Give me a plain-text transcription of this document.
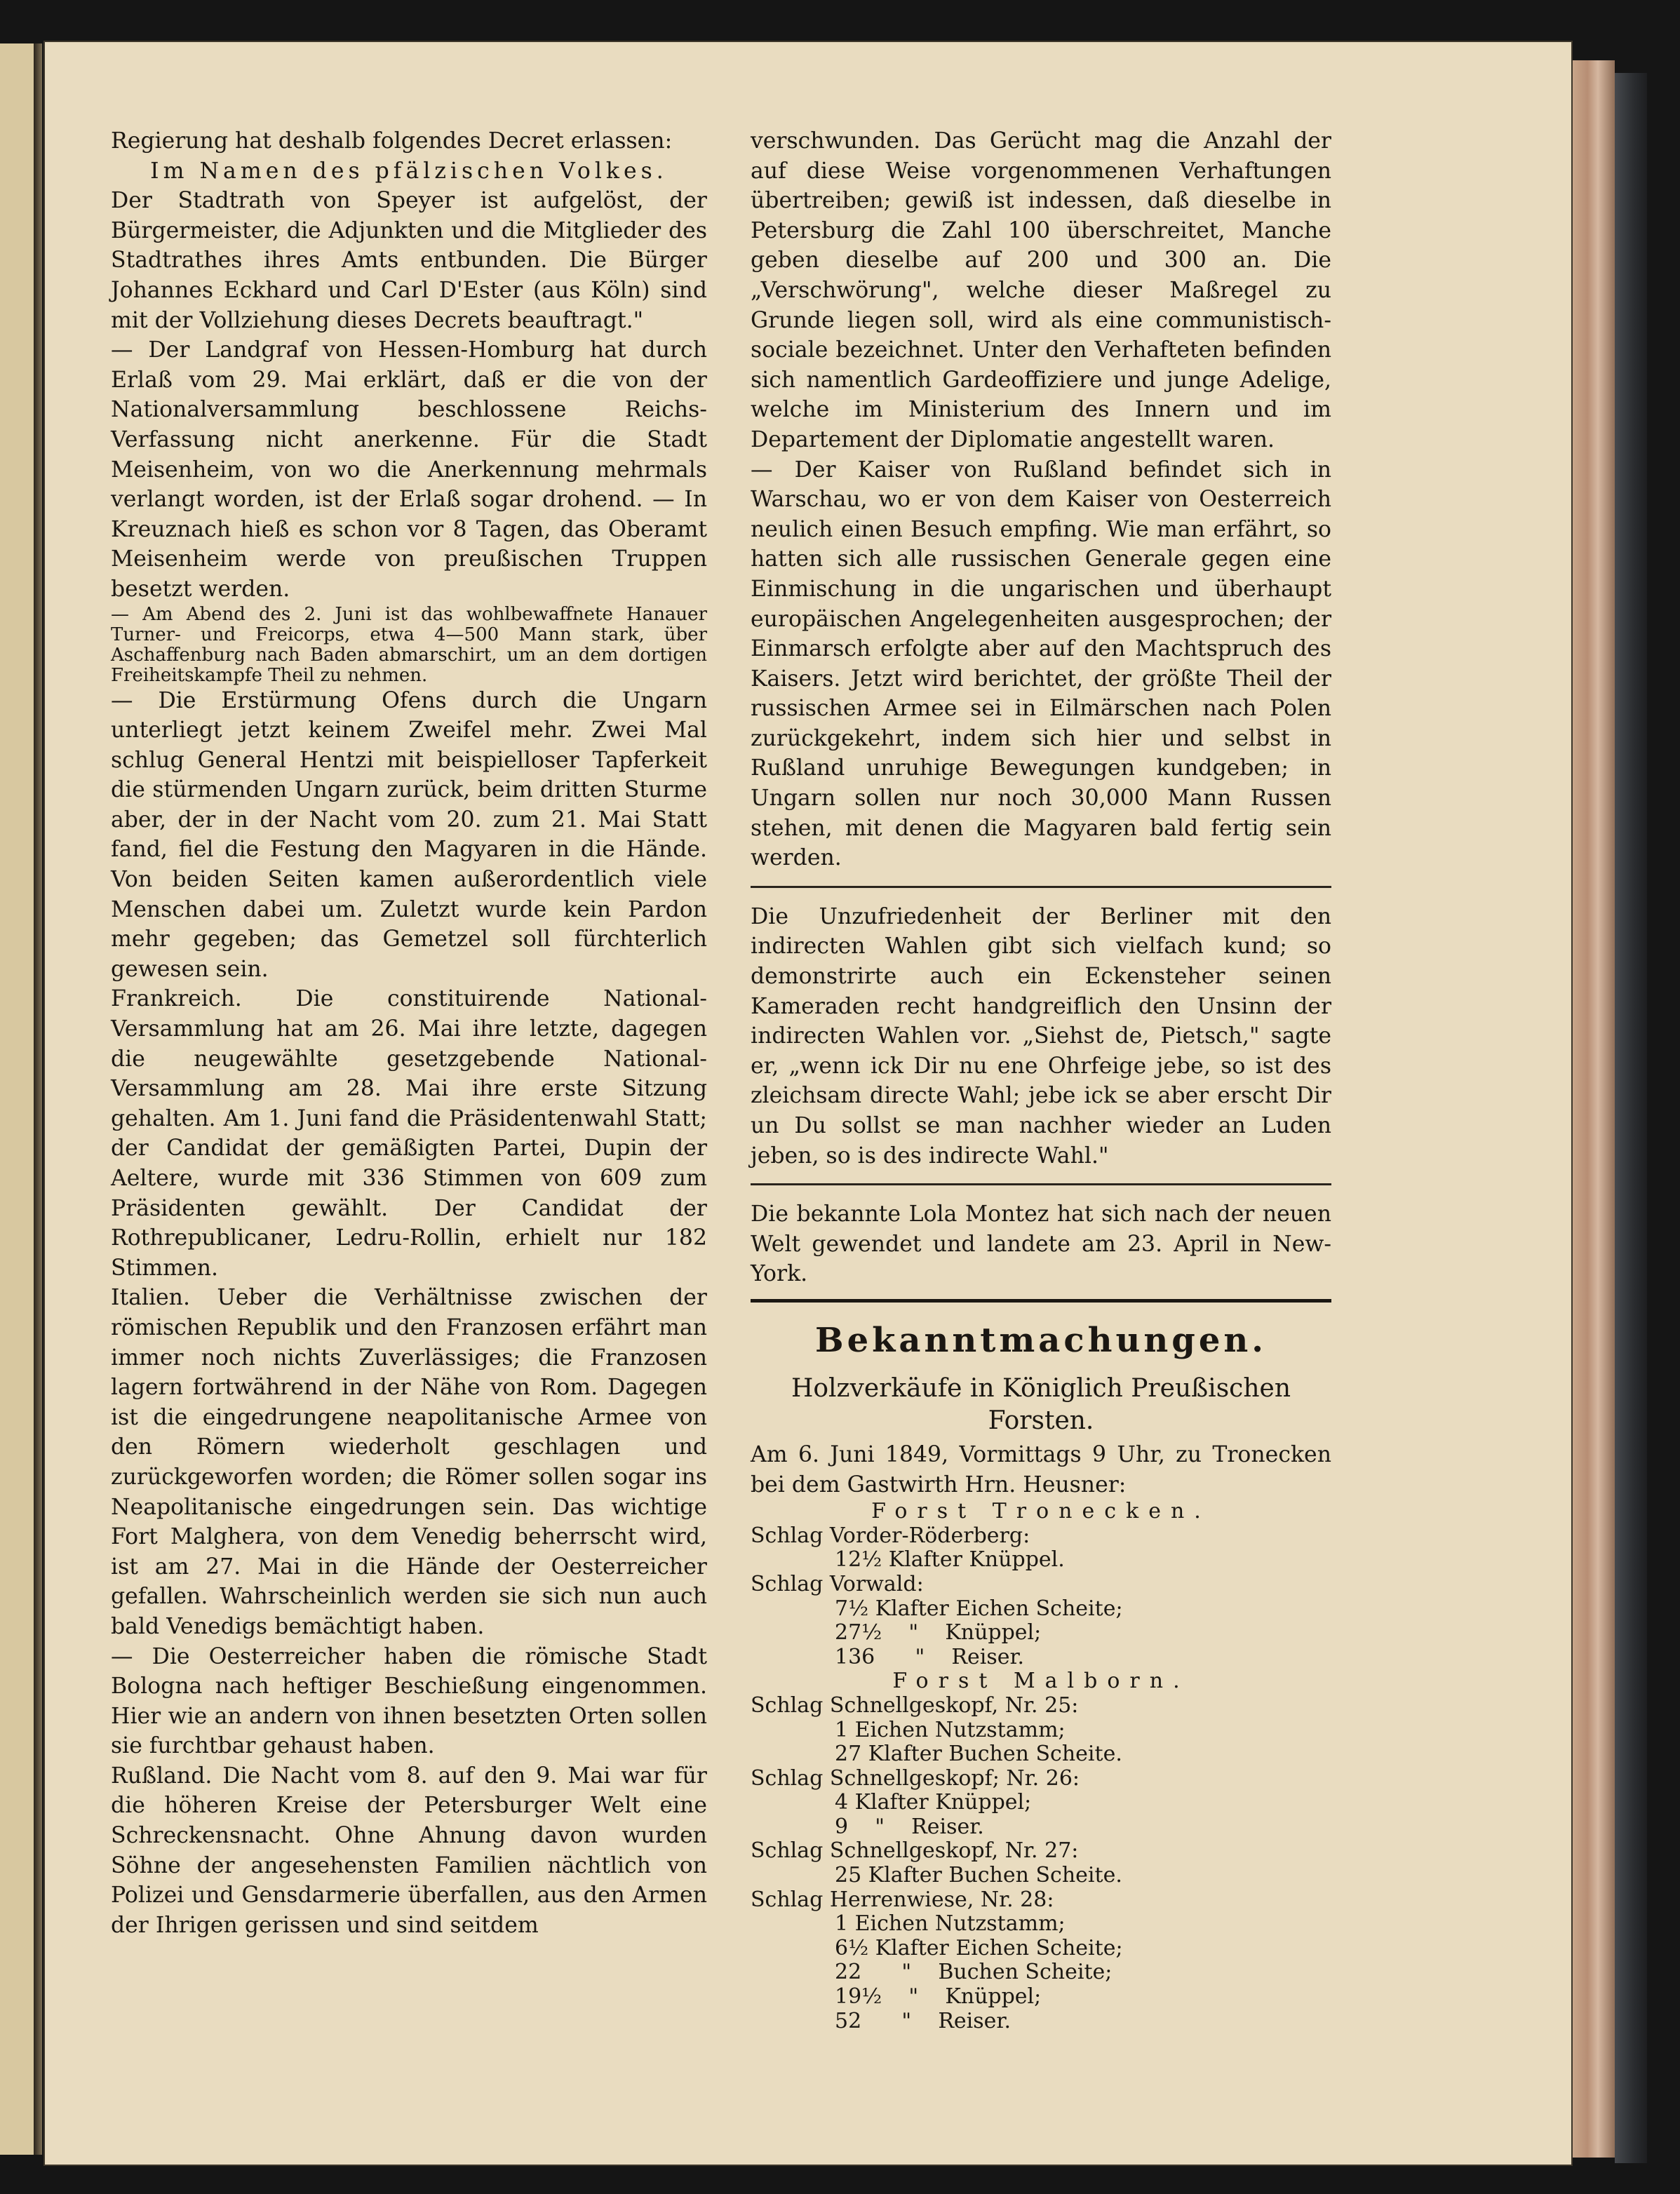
Regierung hat deshalb folgendes Decret erlassen:

Im Namen des pfälzischen Volkes.

Der Stadtrath von Speyer ist aufgelöst, der Bürgermeister, die Adjunkten und die Mitglieder des Stadtrathes ihres Amts entbunden. Die Bürger Johannes Eckhard und Carl D'Ester (aus Köln) sind mit der Vollziehung dieses Decrets beauftragt."

— Der Landgraf von Hessen-Homburg hat durch Erlaß vom 29. Mai erklärt, daß er die von der Nationalversammlung beschlossene Reichs-Verfassung nicht anerkenne. Für die Stadt Meisenheim, von wo die Anerkennung mehrmals verlangt worden, ist der Erlaß sogar drohend. — In Kreuznach hieß es schon vor 8 Tagen, das Oberamt Meisenheim werde von preußischen Truppen besetzt werden.

— Am Abend des 2. Juni ist das wohlbewaffnete Hanauer Turner- und Freicorps, etwa 4—500 Mann stark, über Aschaffenburg nach Baden abmarschirt, um an dem dortigen Freiheitskampfe Theil zu nehmen.

— Die Erstürmung Ofens durch die Ungarn unterliegt jetzt keinem Zweifel mehr. Zwei Mal schlug General Hentzi mit beispielloser Tapferkeit die stürmenden Ungarn zurück, beim dritten Sturme aber, der in der Nacht vom 20. zum 21. Mai Statt fand, fiel die Festung den Magyaren in die Hände. Von beiden Seiten kamen außerordentlich viele Menschen dabei um. Zuletzt wurde kein Pardon mehr gegeben; das Gemetzel soll fürchterlich gewesen sein.

Frankreich. Die constituirende National-Versammlung hat am 26. Mai ihre letzte, dagegen die neugewählte gesetzgebende National-Versammlung am 28. Mai ihre erste Sitzung gehalten. Am 1. Juni fand die Präsidentenwahl Statt; der Candidat der gemäßigten Partei, Dupin der Aeltere, wurde mit 336 Stimmen von 609 zum Präsidenten gewählt. Der Candidat der Rothrepublicaner, Ledru-Rollin, erhielt nur 182 Stimmen.

Italien. Ueber die Verhältnisse zwischen der römischen Republik und den Franzosen erfährt man immer noch nichts Zuverlässiges; die Franzosen lagern fortwährend in der Nähe von Rom. Dagegen ist die eingedrungene neapolitanische Armee von den Römern wiederholt geschlagen und zurückgeworfen worden; die Römer sollen sogar ins Neapolitanische eingedrungen sein. Das wichtige Fort Malghera, von dem Venedig beherrscht wird, ist am 27. Mai in die Hände der Oesterreicher gefallen. Wahrscheinlich werden sie sich nun auch bald Venedigs bemächtigt haben.

— Die Oesterreicher haben die römische Stadt Bologna nach heftiger Beschießung eingenommen. Hier wie an andern von ihnen besetzten Orten sollen sie furchtbar gehaust haben.

Rußland. Die Nacht vom 8. auf den 9. Mai war für die höheren Kreise der Petersburger Welt eine Schreckensnacht. Ohne Ahnung davon wurden Söhne der angesehensten Familien nächtlich von Polizei und Gensdarmerie überfallen, aus den Armen der Ihrigen gerissen und sind seitdem

verschwunden. Das Gerücht mag die Anzahl der auf diese Weise vorgenommenen Verhaftungen übertreiben; gewiß ist indessen, daß dieselbe in Petersburg die Zahl 100 überschreitet, Manche geben dieselbe auf 200 und 300 an. Die „Verschwörung", welche dieser Maßregel zu Grunde liegen soll, wird als eine communistisch-sociale bezeichnet. Unter den Verhafteten befinden sich namentlich Gardeoffiziere und junge Adelige, welche im Ministerium des Innern und im Departement der Diplomatie angestellt waren.

— Der Kaiser von Rußland befindet sich in Warschau, wo er von dem Kaiser von Oesterreich neulich einen Besuch empfing. Wie man erfährt, so hatten sich alle russischen Generale gegen eine Einmischung in die ungarischen und überhaupt europäischen Angelegenheiten ausgesprochen; der Einmarsch erfolgte aber auf den Machtspruch des Kaisers. Jetzt wird berichtet, der größte Theil der russischen Armee sei in Eilmärschen nach Polen zurückgekehrt, indem sich hier und selbst in Rußland unruhige Bewegungen kundgeben; in Ungarn sollen nur noch 30,000 Mann Russen stehen, mit denen die Magyaren bald fertig sein werden.

Die Unzufriedenheit der Berliner mit den indirecten Wahlen gibt sich vielfach kund; so demonstrirte auch ein Eckensteher seinen Kameraden recht handgreiflich den Unsinn der indirecten Wahlen vor. „Siehst de, Pietsch," sagte er, „wenn ick Dir nu ene Ohrfeige jebe, so ist des zleichsam directe Wahl; jebe ick se aber erscht Dir un Du sollst se man nachher wieder an Luden jeben, so is des indirecte Wahl."

Die bekannte Lola Montez hat sich nach der neuen Welt gewendet und landete am 23. April in New-York.

Bekanntmachungen.
Holzverkäufe in Königlich Preußischen Forsten.

Am 6. Juni 1849, Vormittags 9 Uhr, zu Tronecken bei dem Gastwirth Hrn. Heusner:

Forst Tronecken.
Schlag Vorder-Röderberg:
12½ Klafter Knüppel.
Schlag Vorwald:
7½ Klafter Eichen Scheite;
27½    "    Knüppel;
136      "    Reiser.
Forst Malborn.
Schlag Schnellgeskopf, Nr. 25:
1 Eichen Nutzstamm;
27 Klafter Buchen Scheite.
Schlag Schnellgeskopf; Nr. 26:
4 Klafter Knüppel;
9    "    Reiser.
Schlag Schnellgeskopf, Nr. 27:
25 Klafter Buchen Scheite.
Schlag Herrenwiese, Nr. 28:
1 Eichen Nutzstamm;
6½ Klafter Eichen Scheite;
22      "    Buchen Scheite;
19½    "    Knüppel;
52      "    Reiser.
